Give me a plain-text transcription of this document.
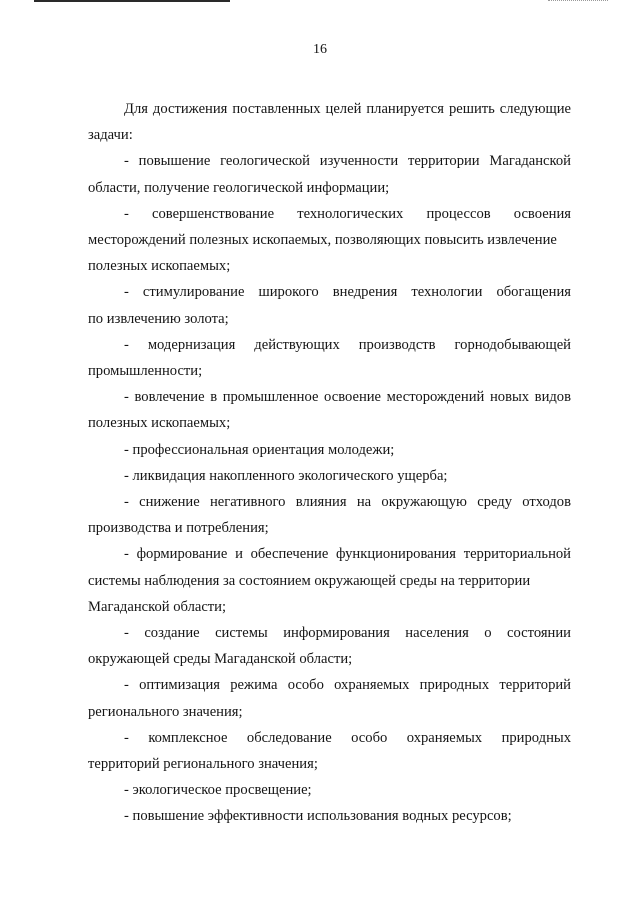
16

Для достижения поставленных целей планируется решить следующие
задачи:

- повышение геологической изученности территории Магаданской
области, получение геологической информации;

- совершенствование технологических процессов освоения
месторождений полезных ископаемых, позволяющих повысить извлечение полезных ископаемых;

- стимулирование широкого внедрения технологии обогащения
по извлечению золота;

- модернизация действующих производств горнодобывающей
промышленности;

- вовлечение в промышленное освоение месторождений новых видов
полезных ископаемых;

- профессиональная ориентация молодежи;

- ликвидация накопленного экологического ущерба;

- снижение негативного влияния на окружающую среду отходов
производства и потребления;

- формирование и обеспечение функционирования территориальной
системы наблюдения за состоянием окружающей среды на территории Магаданской области;

- создание системы информирования населения о состоянии
окружающей среды Магаданской области;

- оптимизация режима особо охраняемых природных территорий
регионального значения;

- комплексное обследование особо охраняемых природных
территорий регионального значения;

- экологическое просвещение;

- повышение эффективности использования водных ресурсов;
